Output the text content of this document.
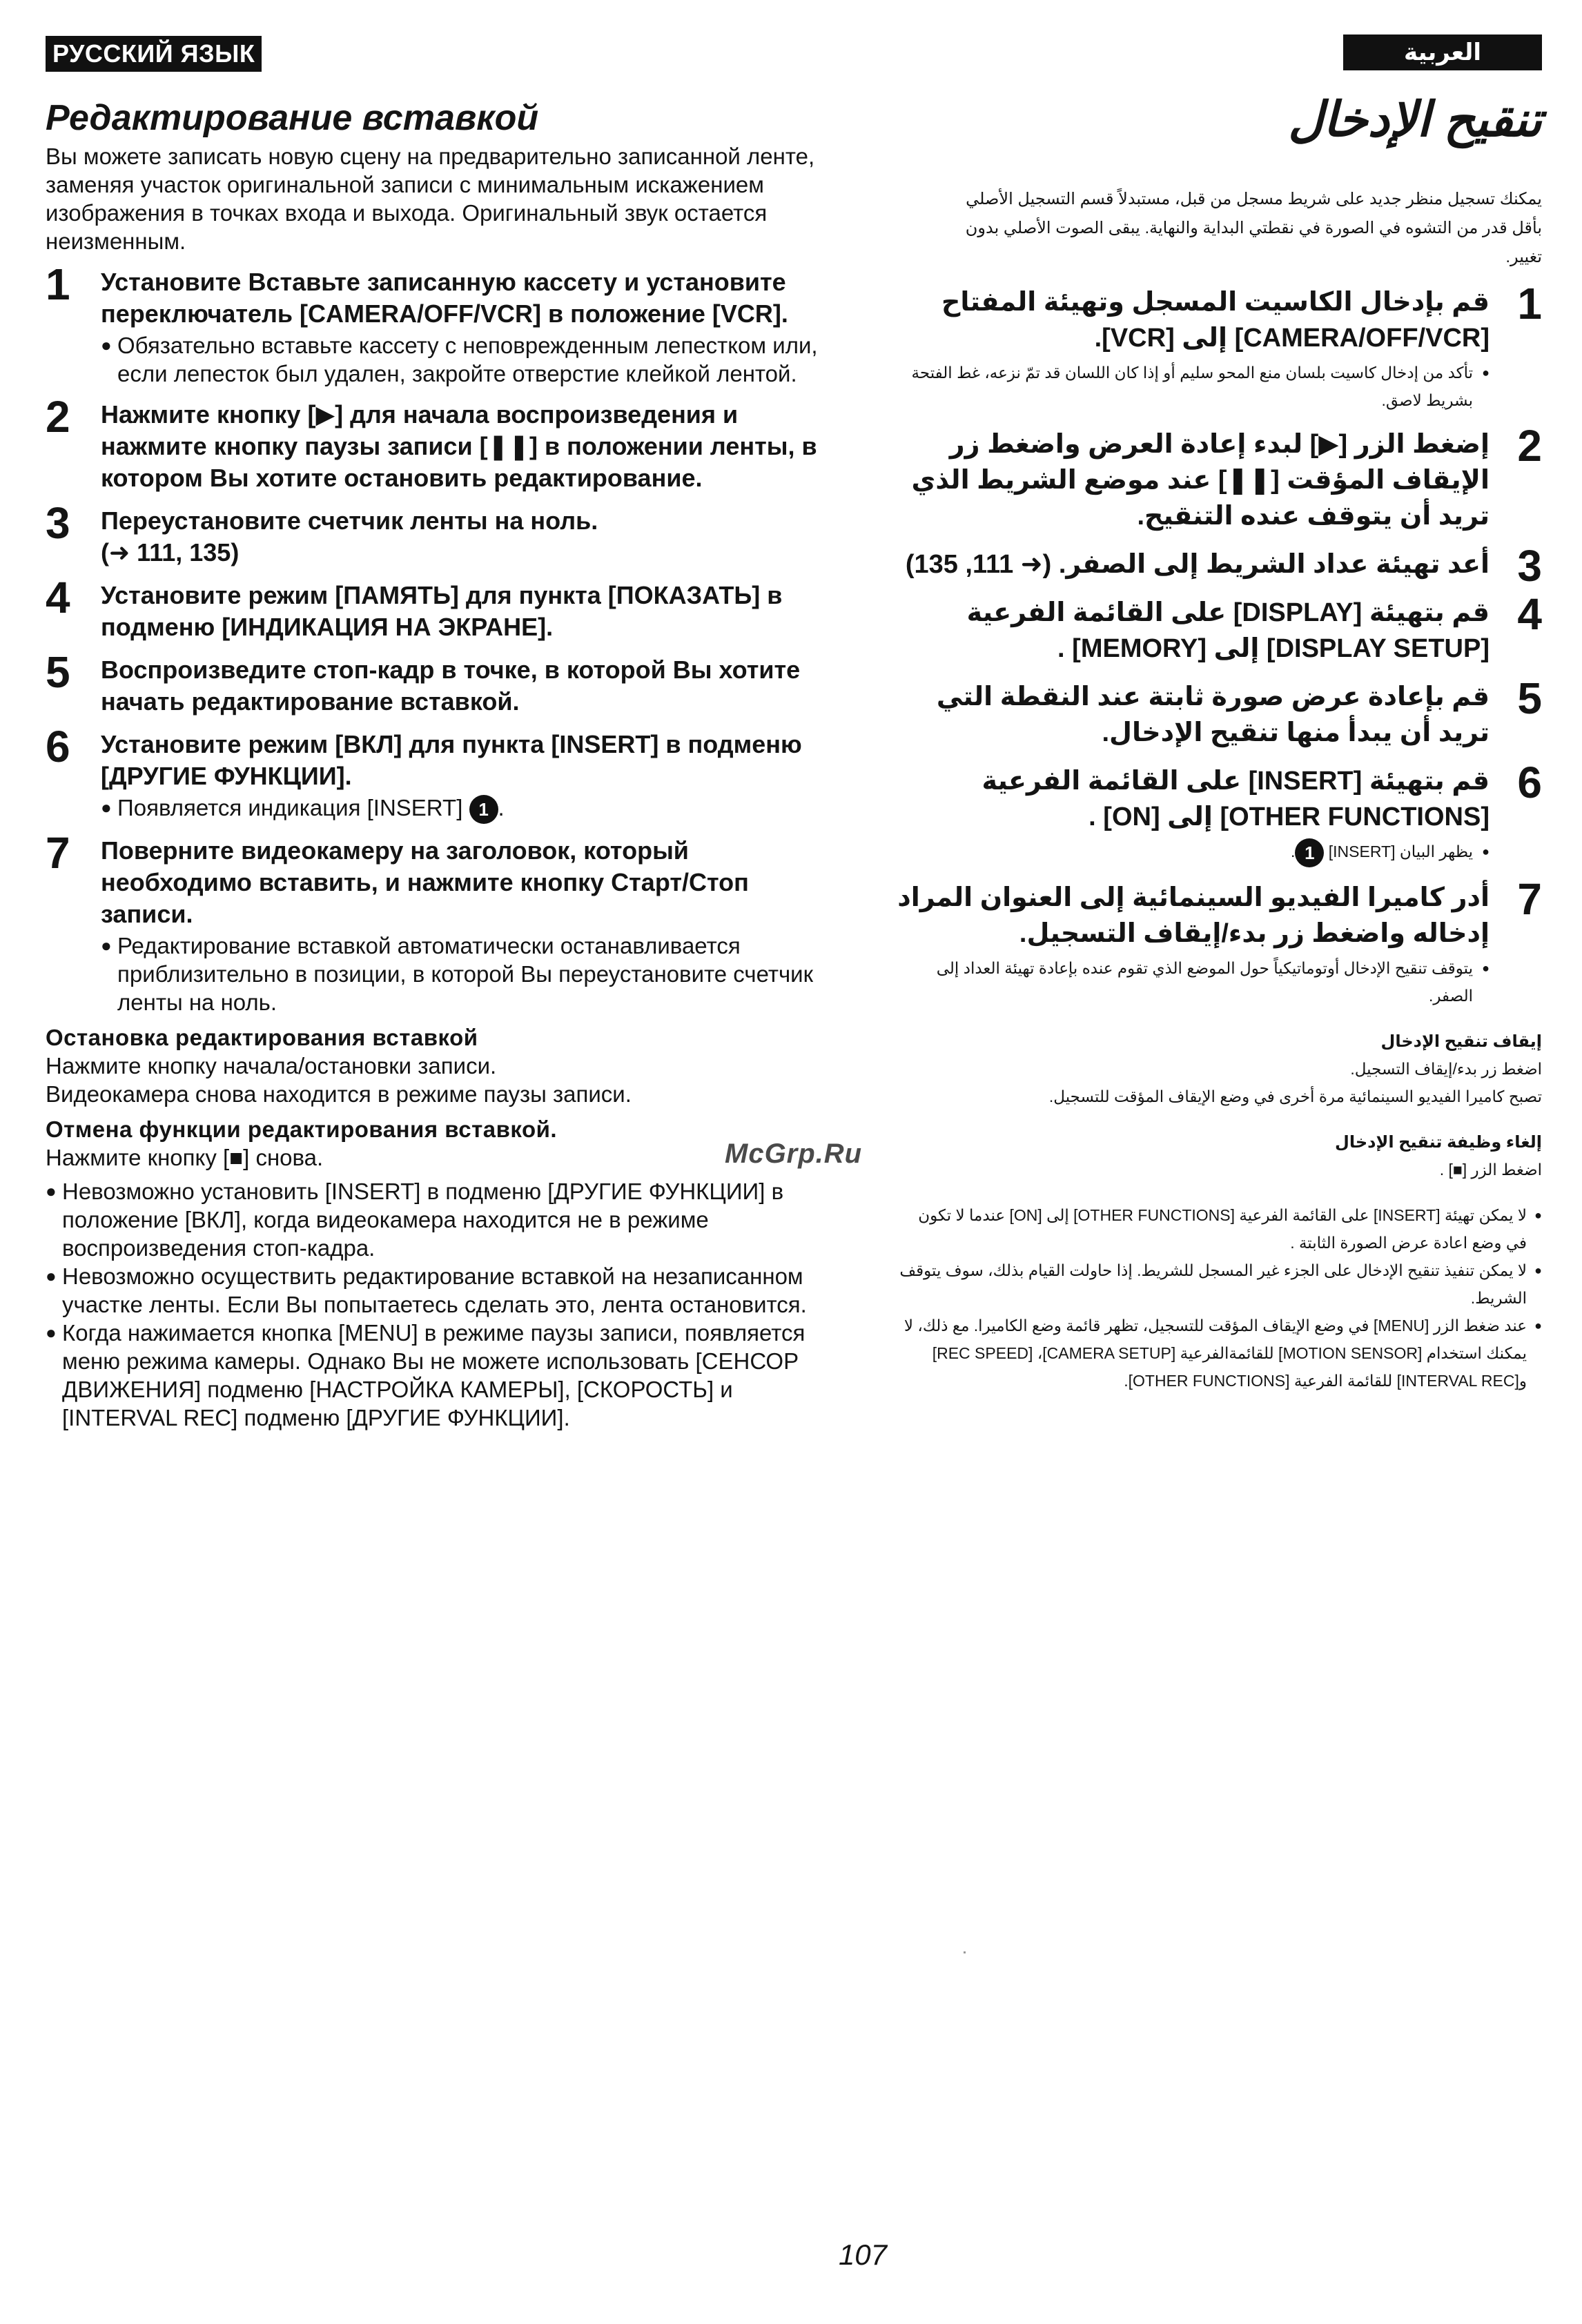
РУССКИЙ ЯЗЫК	العربية
Редактирование вставкой

Вы можете записать новую сцену на предварительно записанной ленте, заменяя участок оригинальной записи с минимальным искажением изображения в точках входа и выхода. Оригинальный звук остается неизменным.

1 Установите Вставьте записанную кассету и установите переключатель [CAMERA/OFF/VCR] в положение [VCR].
● Обязательно вставьте кассету с неповрежденным лепестком или, если лепесток был удален, закройте отверстие клейкой лентой.
2 Нажмите кнопку [▶] для начала воспроизведения и нажмите кнопку паузы записи [❚❚] в положении ленты, в котором Вы хотите остановить редактирование.
3 Переустановите счетчик ленты на ноль.
(➜ 111, 135)
4 Установите режим [ПАМЯТЬ] для пункта [ПОКАЗАТЬ] в подменю [ИНДИКАЦИЯ НА ЭКРАНЕ].
5 Воспроизведите стоп-кадр в точке, в которой Вы хотите начать редактирование вставкой.
6 Установите режим [ВКЛ] для пункта [INSERT] в подменю [ДРУГИЕ ФУНКЦИИ].
● Появляется индикация [INSERT] 1 .
7 Поверните видеокамеру на заголовок, который необходимо вставить, и нажмите кнопку Старт/Стоп записи.
● Редактирование вставкой автоматически останавливается приблизительно в позиции, в которой Вы переустановите счетчик ленты на ноль.
Остановка редактирования вставкой
Нажмите кнопку начала/остановки записи.
Видеокамера снова находится в режиме паузы записи.
Отмена функции редактирования вставкой.
Нажмите кнопку [■] снова.
● Невозможно установить [INSERT] в подменю [ДРУГИЕ ФУНКЦИИ] в положение [ВКЛ], когда видеокамера находится не в режиме воспроизведения стоп-кадра.
● Невозможно осуществить редактирование вставкой на незаписанном участке ленты. Если Вы попытаетесь сделать это, лента остановится.
● Когда нажимается кнопка [MENU] в режиме паузы записи, появляется меню режима камеры. Однако Вы не можете использовать [СЕНСОР ДВИЖЕНИЯ] подменю [НАСТРОЙКА КАМЕРЫ], [СКОРОСТЬ] и [INTERVAL REC] подменю [ДРУГИЕ ФУНКЦИИ].
McGrp.Ru
تنقيح الإدخال

يمكنك تسجيل منظر جديد على شريط مسجل من قبل، مستبدلاً قسم التسجيل الأصلي بأقل قدر من التشوه في الصورة في نقطتي البداية والنهاية. يبقى الصوت الأصلي بدون تغيير.

1
قم بإدخال الكاسيت المسجل وتهيئة المفتاح [CAMERA/OFF/VCR] إلى [VCR].
● تأكد من إدخال كاسيت بلسان منع المحو سليم أو إذا كان اللسان قد تمّ نزعه، غط الفتحة بشريط لاصق.
2
إضغط الزر [▶] لبدء إعادة العرض واضغط زر الإيقاف المؤقت [❚❚] عند موضع الشريط الذي تريد أن يتوقف عنده التنقيح.
3
أعد تهيئة عداد الشريط إلى الصفر. (➜ 111, 135)
4
قم بتهيئة [DISPLAY] على القائمة الفرعية [DISPLAY SETUP] إلى [MEMORY] .
5
قم بإعادة عرض صورة ثابتة عند النقطة التي تريد أن يبدأ منها تنقيح الإدخال.
6
قم بتهيئة [INSERT] على القائمة الفرعية [OTHER FUNCTIONS] إلى [ON] .
● يظهر البيان [INSERT] 1.
7
أدر كاميرا الفيديو السينمائية إلى العنوان المراد إدخاله واضغط زر بدء/إيقاف التسجيل.
● يتوقف تنقيح الإدخال أوتوماتيكياً حول الموضع الذي تقوم عنده بإعادة تهيئة العداد إلى الصفر.
إيقاف تنقيح الإدخال
اضغط زر بدء/إيقاف التسجيل.
تصبح كاميرا الفيديو السينمائية مرة أخرى في وضع الإيقاف المؤقت للتسجيل.
إلغاء وظيفة تنقيح الإدخال
اضغط الزر [■] .
● لا يمكن تهيئة [INSERT] على القائمة الفرعية [OTHER FUNCTIONS] إلى [ON] عندما لا تكون في وضع اعادة عرض الصورة الثابتة .
● لا يمكن تنفيذ تنقيح الإدخال على الجزء غير المسجل للشريط. إذا حاولت القيام بذلك، سوف يتوقف الشريط.
● عند ضغط الزر [MENU] في وضع الإيقاف المؤقت للتسجيل، تظهر قائمة وضع الكاميرا. مع ذلك، لا يمكنك استخدام [MOTION SENSOR] للقائمةالفرعية [CAMERA SETUP]، [REC SPEED] و[INTERVAL REC] للقائمة الفرعية [OTHER FUNCTIONS].
107
